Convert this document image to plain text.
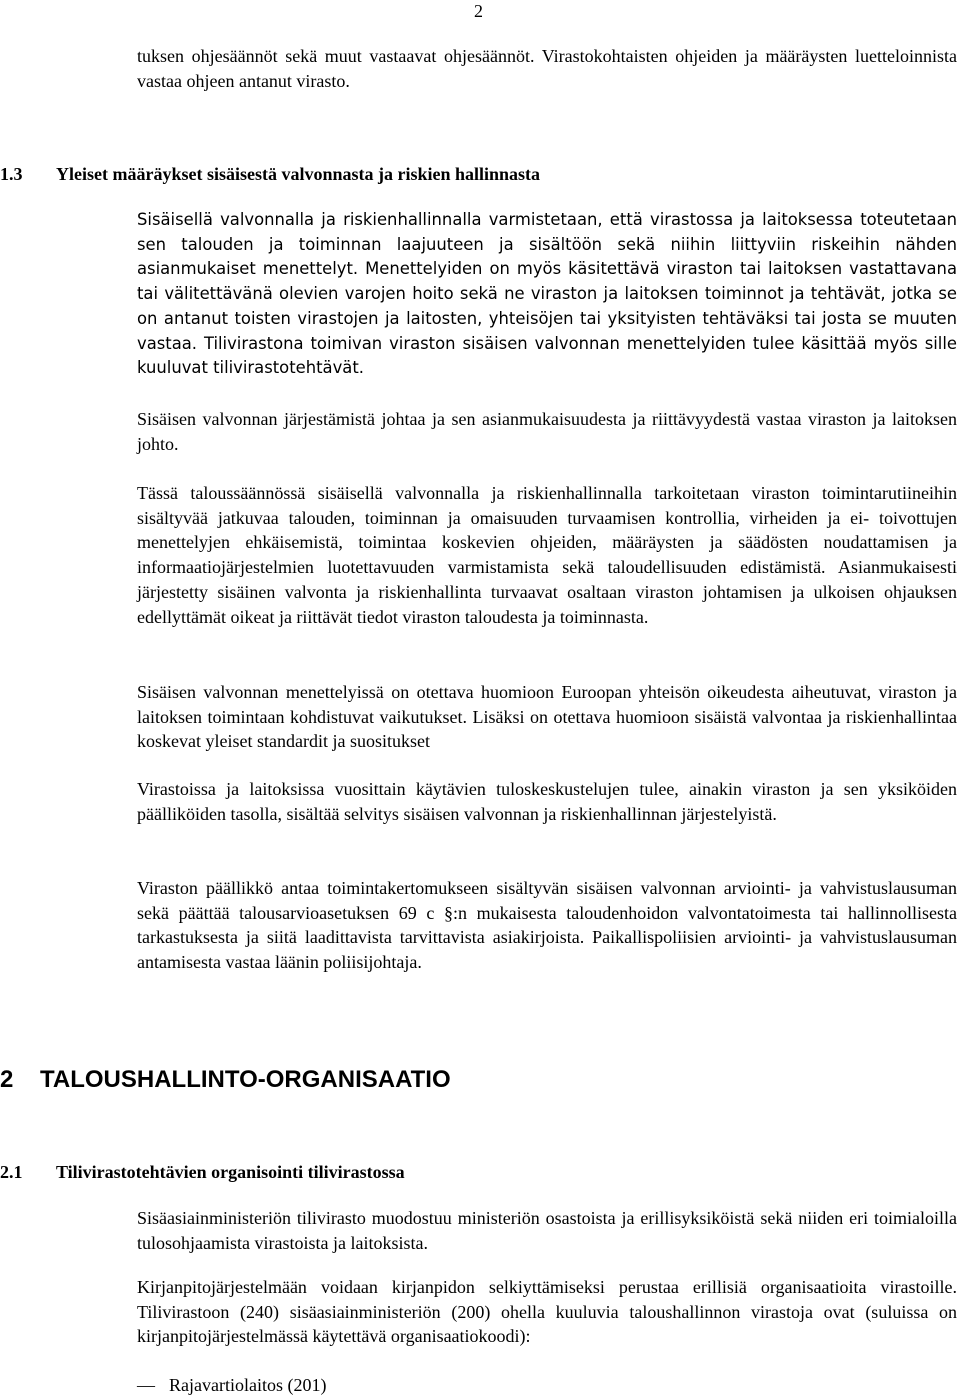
2

tuksen ohjesäännöt sekä muut vastaavat ohjesäännöt. Virastokohtaisten ohjeiden ja määräysten luetteloinnista vastaa ohjeen antanut virasto.

1.3 Yleiset määräykset sisäisestä valvonnasta ja riskien hallinnasta

Sisäisellä valvonnalla ja riskienhallinnalla varmistetaan, että virastossa ja laitoksessa toteutetaan sen talouden ja toiminnan laajuuteen ja sisältöön sekä niihin liittyviin riskeihin nähden asianmukaiset menettelyt. Menettelyiden on myös käsitettävä viraston tai laitoksen vastattavana tai välitettävänä olevien varojen hoito sekä ne viraston ja laitoksen toiminnot ja tehtävät, jotka se on antanut toisten virastojen ja laitosten, yhteisöjen tai yksityisten tehtäväksi tai josta se muuten vastaa. Tilivirastona toimivan viraston sisäisen valvonnan menettelyiden tulee käsittää myös sille kuuluvat tilivirastotehtävät.

Sisäisen valvonnan järjestämistä johtaa ja sen asianmukaisuudesta ja riittävyydestä vastaa viraston ja laitoksen johto.

Tässä taloussäännössä sisäisellä valvonnalla ja riskienhallinnalla tarkoitetaan viraston toimintarutiineihin sisältyvää jatkuvaa talouden, toiminnan ja omaisuuden turvaamisen kontrollia, virheiden ja ei- toivottujen menettelyjen ehkäisemistä, toimintaa koskevien ohjeiden, määräysten ja säädösten noudattamisen ja informaatiojärjestelmien luotettavuuden varmistamista sekä taloudellisuuden edistämistä. Asianmukaisesti järjestetty sisäinen valvonta ja riskienhallinta turvaavat osaltaan viraston johtamisen ja ulkoisen ohjauksen edellyttämät oikeat ja riittävät tiedot viraston taloudesta ja toiminnasta.

Sisäisen valvonnan menettelyissä on otettava huomioon Euroopan yhteisön oikeudesta aiheutuvat, viraston ja laitoksen toimintaan kohdistuvat vaikutukset. Lisäksi on otettava huomioon sisäistä valvontaa ja riskienhallintaa koskevat yleiset standardit ja suositukset

Virastoissa ja laitoksissa vuosittain käytävien tuloskeskustelujen tulee, ainakin viraston ja sen yksiköiden päälliköiden tasolla, sisältää selvitys sisäisen valvonnan ja riskienhallinnan järjestelyistä.

Viraston päällikkö antaa toimintakertomukseen sisältyvän sisäisen valvonnan arviointi- ja vahvistuslausuman sekä päättää talousarvioasetuksen 69 c §:n mukaisesta taloudenhoidon valvontatoimesta tai hallinnollisesta tarkastuksesta ja siitä laadittavista tarvittavista asiakirjoista. Paikallispoliisien arviointi- ja vahvistuslausuman antamisesta vastaa läänin poliisijohtaja.

2 TALOUSHALLINTO-ORGANISAATIO
2.1 Tilivirastotehtävien organisointi tilivirastossa

Sisäasiainministeriön tilivirasto muodostuu ministeriön osastoista ja erillisyksiköistä sekä niiden eri toimialoilla tulosohjaamista virastoista ja laitoksista.

Kirjanpitojärjestelmään voidaan kirjanpidon selkiyttämiseksi perustaa erillisiä organisaatioita virastoille. Tilivirastoon (240) sisäasiainministeriön (200) ohella kuuluvia taloushallinnon virastoja ovat (suluissa on kirjanpitojärjestelmässä käytettävä organisaatiokoodi):

— Rajavartiolaitos (201)
